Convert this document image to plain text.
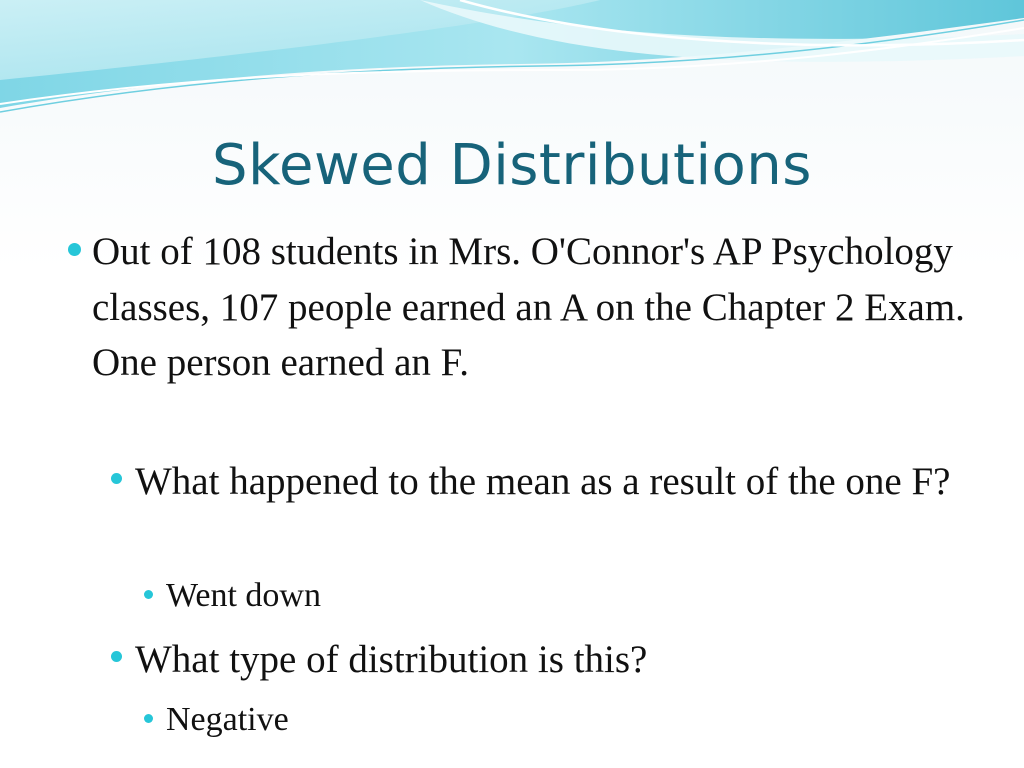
Skewed Distributions
Out of 108 students in Mrs. O'Connor's AP Psychology classes, 107 people earned an A on the Chapter 2 Exam. One person earned an F.
What happened to the mean as a result of the one F?
Went down
What type of distribution is this?
Negative
